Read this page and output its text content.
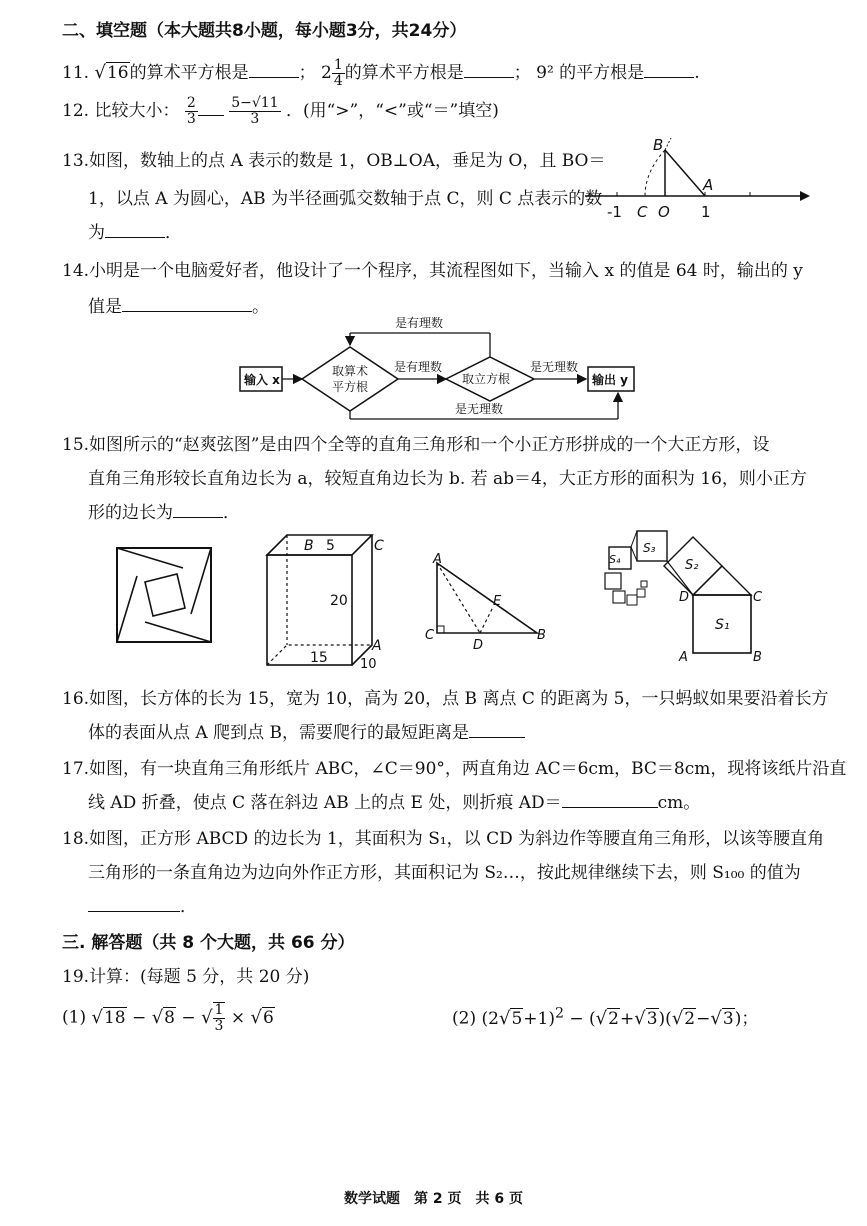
二、填空题（本大题共8小题，每小题3分，共24分）
11. √16的算术平方根是	； $2 \frac{1}{4}$ 的算术平方根是	； 9² 的平方根是	.
12. 比较大小： $\frac{2}{3}$
$\frac{5-√11}{3}$ ．(用“>”，“<”或“＝”填空)
13.如图，数轴上的点 A 表示的数是 1，OB⊥OA，垂足为 O，且 BO＝
1，以点 A 为圆心，AB 为半径画弧交数轴于点 C，则 C 点表示的数
为	．
B
A
-1 C O 1
14.小明是一个电脑爱好者，他设计了一个程序，其流程图如下，当输入 x 的值是 64 时，输出的 y
值是	。
输入 x
取算术
平方根
是有理数
取立方根
是有理数
是无理数
输出 y
是无理数
15.如图所示的“赵爽弦图”是由四个全等的直角三角形和一个小正方形拼成的一个大正方形，设
直角三角形较长直角边长为 a，较短直角边长为 b. 若 ab＝4，大正方形的面积为 16，则小正方
形的边长为	．
B 5	C
20
15
A
10
A
E
C
D
B
S₁
S₂
S₃
S₄
A	B
C
D
16.如图，长方体的长为 15，宽为 10，高为 20，点 B 离点 C 的距离为 5，一只蚂蚁如果要沿着长方
体的表面从点 A 爬到点 B，需要爬行的最短距离是
17.如图，有一块直角三角形纸片 ABC，∠C＝90°，两直角边 AC＝6cm，BC＝8cm，现将该纸片沿直
线 AD 折叠，使点 C 落在斜边 AB 上的点 E 处，则折痕 AD＝	cm。
18.如图，正方形 ABCD 的边长为 1，其面积为 S₁，以 CD 为斜边作等腰直角三角形，以该等腰直角
三角形的一条直角边为边向外作正方形，其面积记为 S₂…，按此规律继续下去，则 S₁₀₀ 的值为
．
三. 解答题（共 8 个大题，共 66 分）
19.计算：(每题 5 分，共 20 分)
(1) √18 − √8 − √ $\frac{1}{3} \times √6$	(2) $(2√5+1)^2 - (√2+√3)(√2-√3)$；
数学试题　第 2 页　共 6 页
